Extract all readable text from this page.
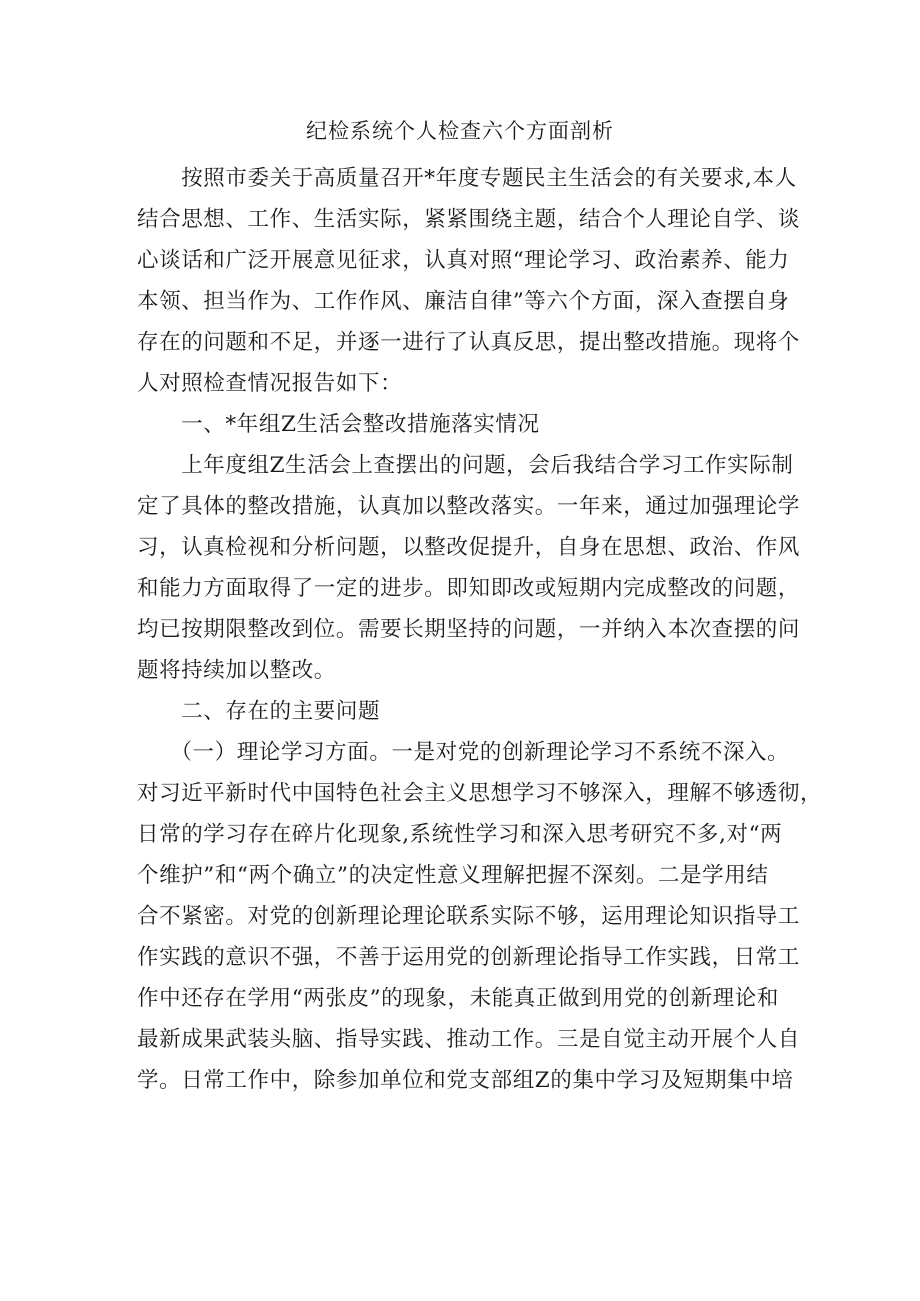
纪检系统个人检查六个方面剖析
　　按照市委关于高质量召开*年度专题民主生活会的有关要求,本人
结合思想、工作、生活实际，紧紧围绕主题，结合个人理论自学、谈
心谈话和广泛开展意见征求，认真对照“理论学习、政治素养、能力
本领、担当作为、工作作风、廉洁自律”等六个方面，深入查摆自身
存在的问题和不足，并逐一进行了认真反思，提出整改措施。现将个
人对照检查情况报告如下：
　　一、*年组Z生活会整改措施落实情况
　　上年度组Z生活会上查摆出的问题，会后我结合学习工作实际制
定了具体的整改措施，认真加以整改落实。一年来，通过加强理论学
习，认真检视和分析问题，以整改促提升，自身在思想、政治、作风
和能力方面取得了一定的进步。即知即改或短期内完成整改的问题，
均已按期限整改到位。需要长期坚持的问题，一并纳入本次查摆的问
题将持续加以整改。
　　二、存在的主要问题
　　（一）理论学习方面。一是对党的创新理论学习不系统不深入。
对习近平新时代中国特色社会主义思想学习不够深入，理解不够透彻，
日常的学习存在碎片化现象,系统性学习和深入思考研究不多,对“两
个维护”和“两个确立”的决定性意义理解把握不深刻。二是学用结
合不紧密。对党的创新理论理论联系实际不够，运用理论知识指导工
作实践的意识不强，不善于运用党的创新理论指导工作实践，日常工
作中还存在学用“两张皮”的现象，未能真正做到用党的创新理论和
最新成果武装头脑、指导实践、推动工作。三是自觉主动开展个人自
学。日常工作中，除参加单位和党支部组Z的集中学习及短期集中培
